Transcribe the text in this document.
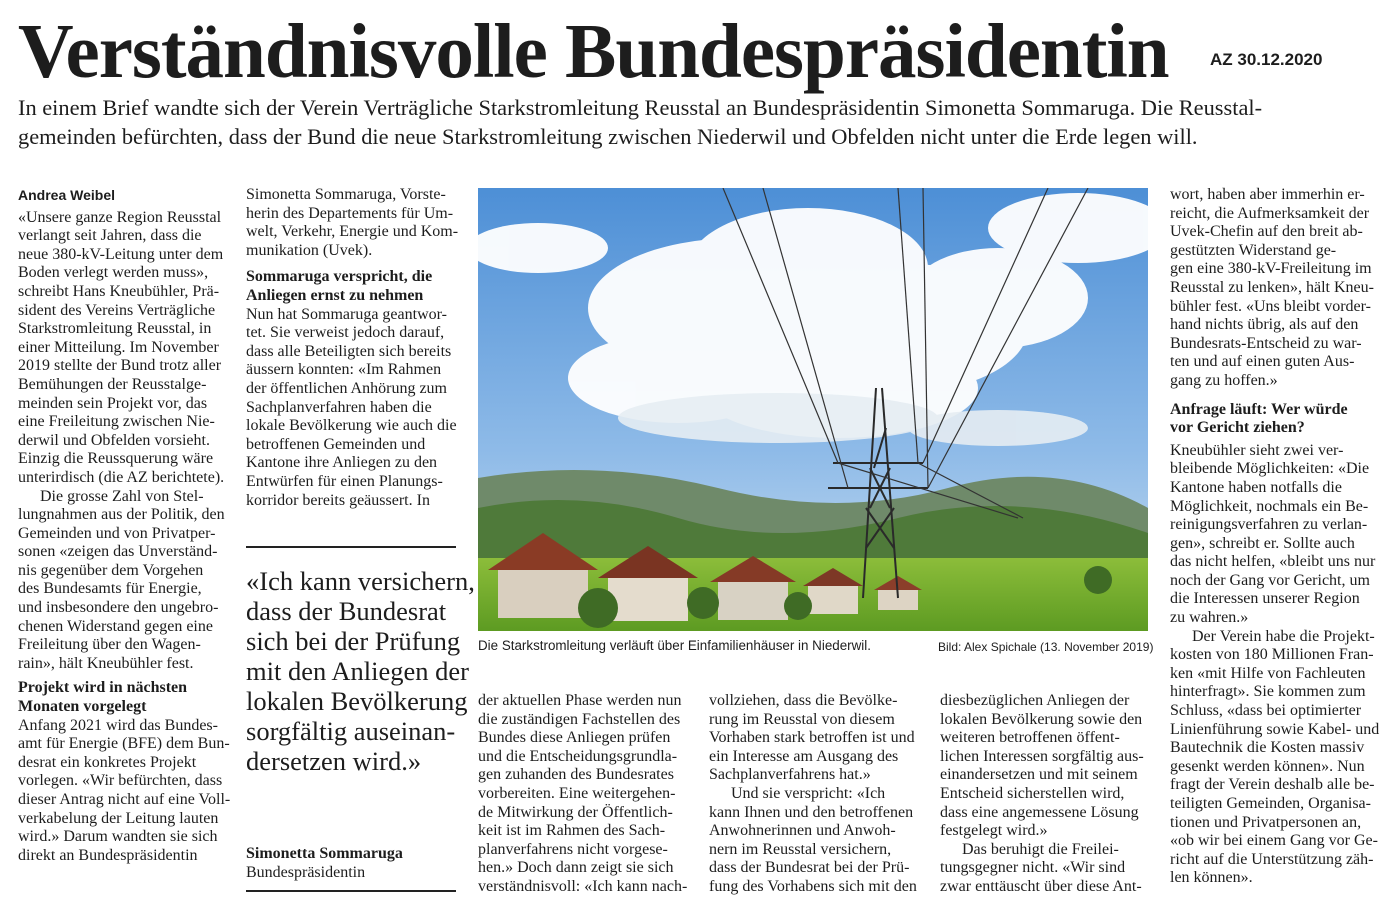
Verständnisvolle Bundespräsidentin AZ 30.12.2020
In einem Brief wandte sich der Verein Verträgliche Starkstromleitung Reusstal an Bundespräsidentin Simonetta Sommaruga. Die Reusstal-
gemeinden befürchten, dass der Bund die neue Starkstromleitung zwischen Niederwil und Obfelden nicht unter die Erde legen will.

Andrea Weibel

«Unsere ganze Region Reusstal

verlangt seit Jahren, dass die

neue 380-kV-Leitung unter dem

Boden verlegt werden muss»,

schreibt Hans Kneubühler, Prä-

sident des Vereins Verträgliche

Starkstromleitung Reusstal, in

einer Mitteilung. Im November

2019 stellte der Bund trotz aller

Bemühungen der Reusstalge-

meinden sein Projekt vor, das

eine Freileitung zwischen Nie-

derwil und Obfelden vorsieht.

Einzig die Reussquerung wäre

unterirdisch (die AZ berichtete).

Die grosse Zahl von Stel-

lungnahmen aus der Politik, den

Gemeinden und von Privatper-

sonen «zeigen das Unverständ-

nis gegenüber dem Vorgehen

des Bundesamts für Energie,

und insbesondere den ungebro-

chenen Widerstand gegen eine

Freileitung über den Wagen-

rain», hält Kneubühler fest.

Projekt wird in nächsten
Monaten vorgelegt

Anfang 2021 wird das Bundes-

amt für Energie (BFE) dem Bun-

desrat ein konkretes Projekt

vorlegen. «Wir befürchten, dass

dieser Antrag nicht auf eine Voll-

verkabelung der Leitung lauten

wird.» Darum wandten sie sich

direkt an Bundespräsidentin

Simonetta Sommaruga, Vorste-

herin des Departements für Um-

welt, Verkehr, Energie und Kom-

munikation (Uvek).

Sommaruga verspricht, die
Anliegen ernst zu nehmen

Nun hat Sommaruga geantwor-

tet. Sie verweist jedoch darauf,

dass alle Beteiligten sich bereits

äussern konnten: «Im Rahmen

der öffentlichen Anhörung zum

Sachplanverfahren haben die

lokale Bevölkerung wie auch die

betroffenen Gemeinden und

Kantone ihre Anliegen zu den

Entwürfen für einen Planungs-

korridor bereits geäussert. In

«Ich kann versichern,

dass der Bundesrat

sich bei der Prüfung

mit den Anliegen der

lokalen Bevölkerung

sorgfältig auseinan-

dersetzen wird.»

Simonetta Sommaruga

Bundespräsidentin

Die Starkstromleitung verläuft über Einfamilienhäuser in Niederwil.	Bild: Alex Spichale (13. November 2019)

der aktuellen Phase werden nun

die zuständigen Fachstellen des

Bundes diese Anliegen prüfen

und die Entscheidungsgrundla-

gen zuhanden des Bundesrates

vorbereiten. Eine weitergehen-

de Mitwirkung der Öffentlich-

keit ist im Rahmen des Sach-

planverfahrens nicht vorgese-

hen.» Doch dann zeigt sie sich

verständnisvoll: «Ich kann nach-

vollziehen, dass die Bevölke-

rung im Reusstal von diesem

Vorhaben stark betroffen ist und

ein Interesse am Ausgang des

Sachplanverfahrens hat.»

Und sie verspricht: «Ich

kann Ihnen und den betroffenen

Anwohnerinnen und Anwoh-

nern im Reusstal versichern,

dass der Bundesrat bei der Prü-

fung des Vorhabens sich mit den

diesbezüglichen Anliegen der

lokalen Bevölkerung sowie den

weiteren betroffenen öffent-

lichen Interessen sorgfältig aus-

einandersetzen und mit seinem

Entscheid sicherstellen wird,

dass eine angemessene Lösung

festgelegt wird.»

Das beruhigt die Freilei-

tungsgegner nicht. «Wir sind

zwar enttäuscht über diese Ant-

wort, haben aber immerhin er-

reicht, die Aufmerksamkeit der

Uvek-Chefin auf den breit ab-

gestützten Widerstand ge-

gen eine 380-kV-Freileitung im

Reusstal zu lenken», hält Kneu-

bühler fest. «Uns bleibt vorder-

hand nichts übrig, als auf den

Bundesrats-Entscheid zu war-

ten und auf einen guten Aus-

gang zu hoffen.»

Anfrage läuft: Wer würde
vor Gericht ziehen?

Kneubühler sieht zwei ver-

bleibende Möglichkeiten: «Die

Kantone haben notfalls die

Möglichkeit, nochmals ein Be-

reinigungsverfahren zu verlan-

gen», schreibt er. Sollte auch

das nicht helfen, «bleibt uns nur

noch der Gang vor Gericht, um

die Interessen unserer Region

zu wahren.»

Der Verein habe die Projekt-

kosten von 180 Millionen Fran-

ken «mit Hilfe von Fachleuten

hinterfragt». Sie kommen zum

Schluss, «dass bei optimierter

Linienführung sowie Kabel- und

Bautechnik die Kosten massiv

gesenkt werden können». Nun

fragt der Verein deshalb alle be-

teiligten Gemeinden, Organisa-

tionen und Privatpersonen an,

«ob wir bei einem Gang vor Ge-

richt auf die Unterstützung zäh-

len können».
